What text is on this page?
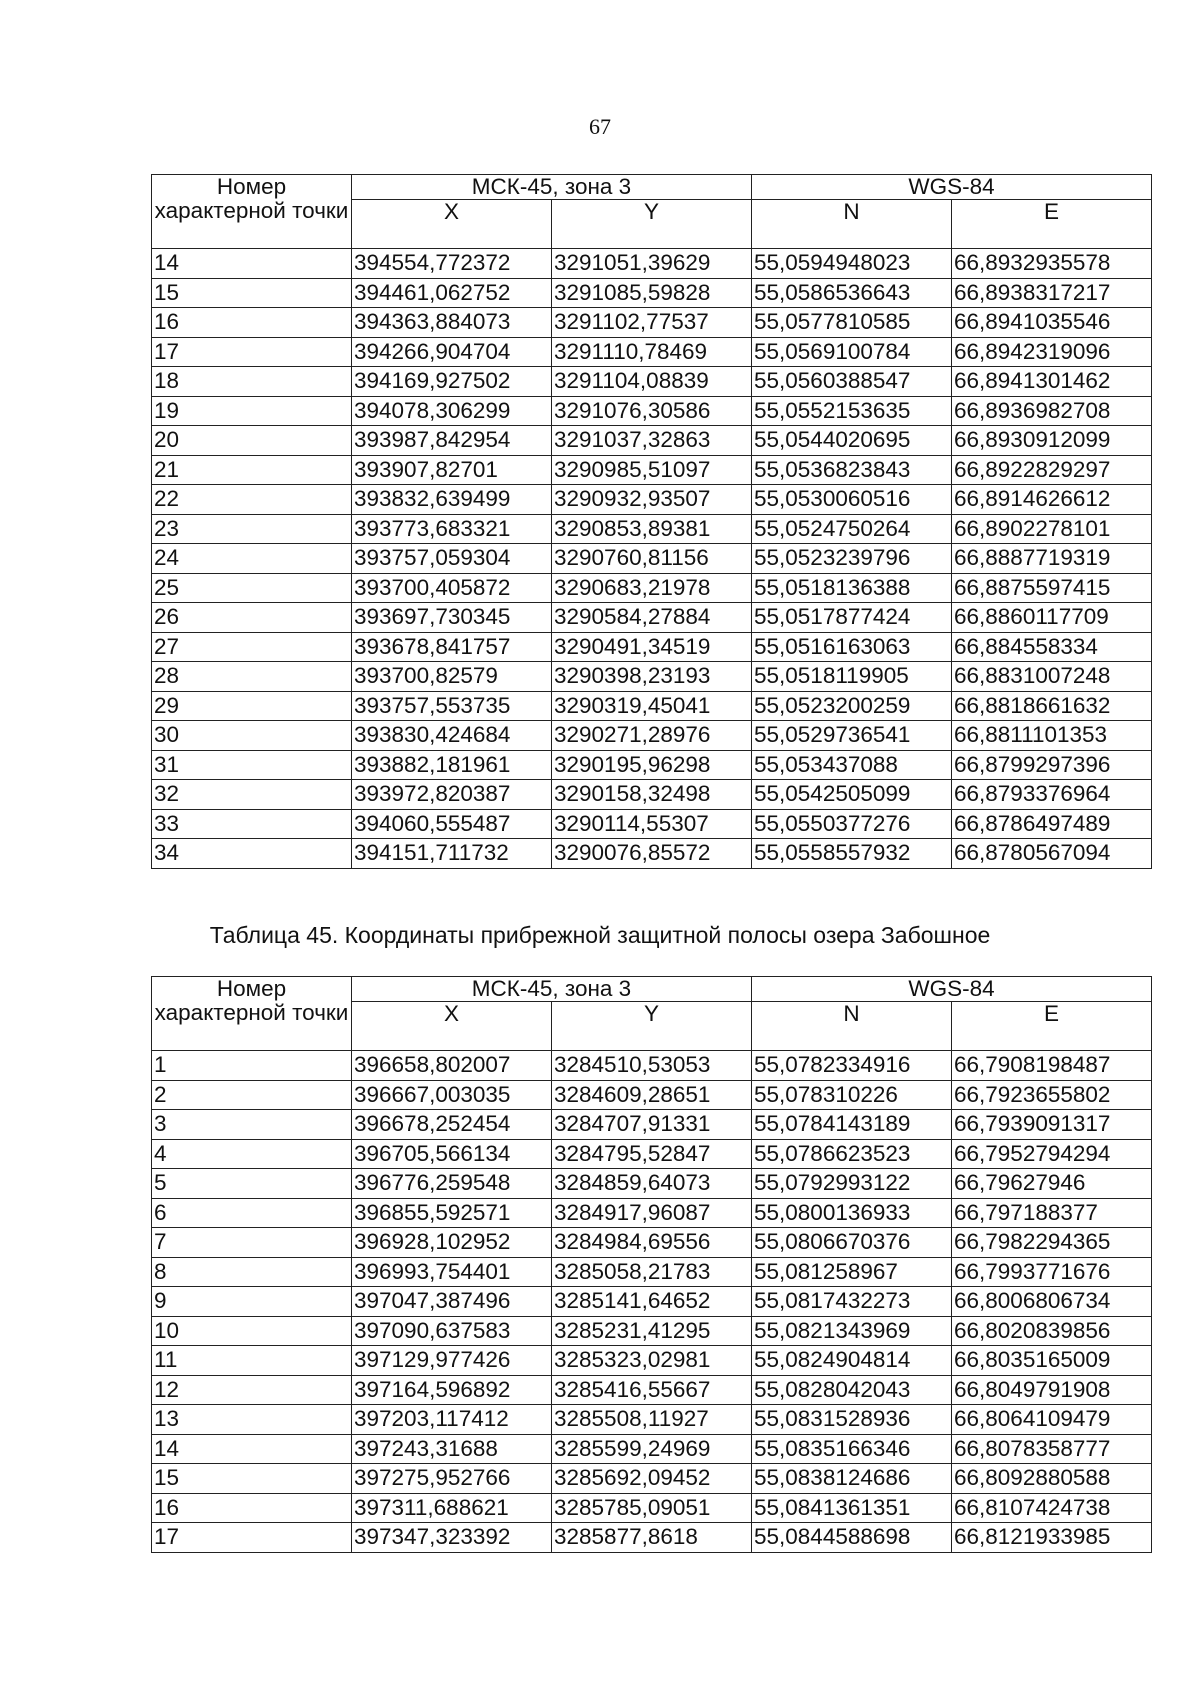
67
Номер характерной точки	МСК-45, зона 3		WGS-84	
	X	Y	N	E
14	394554,772372	3291051,39629	55,0594948023	66,8932935578
15	394461,062752	3291085,59828	55,0586536643	66,8938317217
16	394363,884073	3291102,77537	55,0577810585	66,8941035546
17	394266,904704	3291110,78469	55,0569100784	66,8942319096
18	394169,927502	3291104,08839	55,0560388547	66,8941301462
19	394078,306299	3291076,30586	55,0552153635	66,8936982708
20	393987,842954	3291037,32863	55,0544020695	66,8930912099
21	393907,82701	3290985,51097	55,0536823843	66,8922829297
22	393832,639499	3290932,93507	55,0530060516	66,8914626612
23	393773,683321	3290853,89381	55,0524750264	66,8902278101
24	393757,059304	3290760,81156	55,0523239796	66,8887719319
25	393700,405872	3290683,21978	55,0518136388	66,8875597415
26	393697,730345	3290584,27884	55,0517877424	66,8860117709
27	393678,841757	3290491,34519	55,0516163063	66,884558334
28	393700,82579	3290398,23193	55,0518119905	66,8831007248
29	393757,553735	3290319,45041	55,0523200259	66,8818661632
30	393830,424684	3290271,28976	55,0529736541	66,8811101353
31	393882,181961	3290195,96298	55,053437088	66,8799297396
32	393972,820387	3290158,32498	55,0542505099	66,8793376964
33	394060,555487	3290114,55307	55,0550377276	66,8786497489
34	394151,711732	3290076,85572	55,0558557932	66,8780567094
Таблица 45. Координаты прибрежной защитной полосы озера Забошное
Номер характерной точки	МСК-45, зона 3		WGS-84	
	X	Y	N	E
1	396658,802007	3284510,53053	55,0782334916	66,7908198487
2	396667,003035	3284609,28651	55,078310226	66,7923655802
3	396678,252454	3284707,91331	55,0784143189	66,7939091317
4	396705,566134	3284795,52847	55,0786623523	66,7952794294
5	396776,259548	3284859,64073	55,0792993122	66,79627946
6	396855,592571	3284917,96087	55,0800136933	66,797188377
7	396928,102952	3284984,69556	55,0806670376	66,7982294365
8	396993,754401	3285058,21783	55,081258967	66,7993771676
9	397047,387496	3285141,64652	55,0817432273	66,8006806734
10	397090,637583	3285231,41295	55,0821343969	66,8020839856
11	397129,977426	3285323,02981	55,0824904814	66,8035165009
12	397164,596892	3285416,55667	55,0828042043	66,8049791908
13	397203,117412	3285508,11927	55,0831528936	66,8064109479
14	397243,31688	3285599,24969	55,0835166346	66,8078358777
15	397275,952766	3285692,09452	55,0838124686	66,8092880588
16	397311,688621	3285785,09051	55,0841361351	66,8107424738
17	397347,323392	3285877,8618	55,0844588698	66,8121933985
